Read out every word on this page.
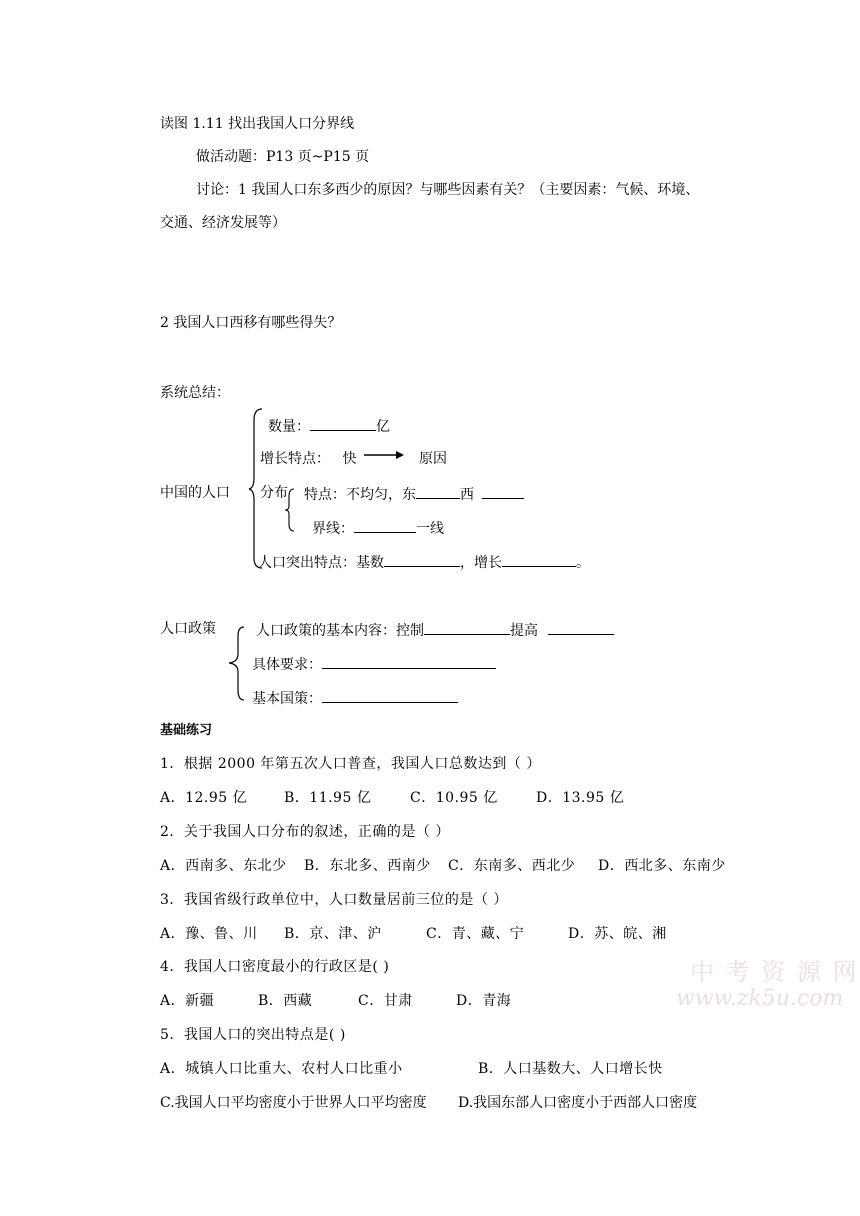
读图 1.11 找出我国人口分界线
做活动题：P13 页~P15 页
讨论：1 我国人口东多西少的原因？与哪些因素有关？（主要因素：气候、环境、
交通、经济发展等）
2 我国人口西移有哪些得失？
系统总结：
中国的人口
数量：	亿
增长特点： 快	原因
分布 特点：不均匀，东	西
界线：	一线
人口突出特点：基数	，增长	。
人口政策	人口政策的基本内容：控制	提高
具体要求：
基本国策：
基础练习
1．根据 2000 年第五次人口普查，我国人口总数达到（ ）
A．12.95 亿	B．11.95 亿	C．10.95 亿	D．13.95 亿
2．关于我国人口分布的叙述，正确的是（ ）
A．西南多、东北少 B．东北多、西南少 C．东南多、西北少 D．西北多、东南少
3．我国省级行政单位中，人口数量居前三位的是（ ）
A．豫、鲁、川 B．京、津、沪	C．青、藏、宁	D．苏、皖、湘
4．我国人口密度最小的行政区是( )
A．新疆	B．西藏	C．甘肃	D．青海
5．我国人口的突出特点是( )
A．城镇人口比重大、农村人口比重小	B．人口基数大、人口增长快
C.我国人口平均密度小于世界人口平均密度 D.我国东部人口密度小于西部人口密度
中 考 资 源 网
www.zk5u.com
